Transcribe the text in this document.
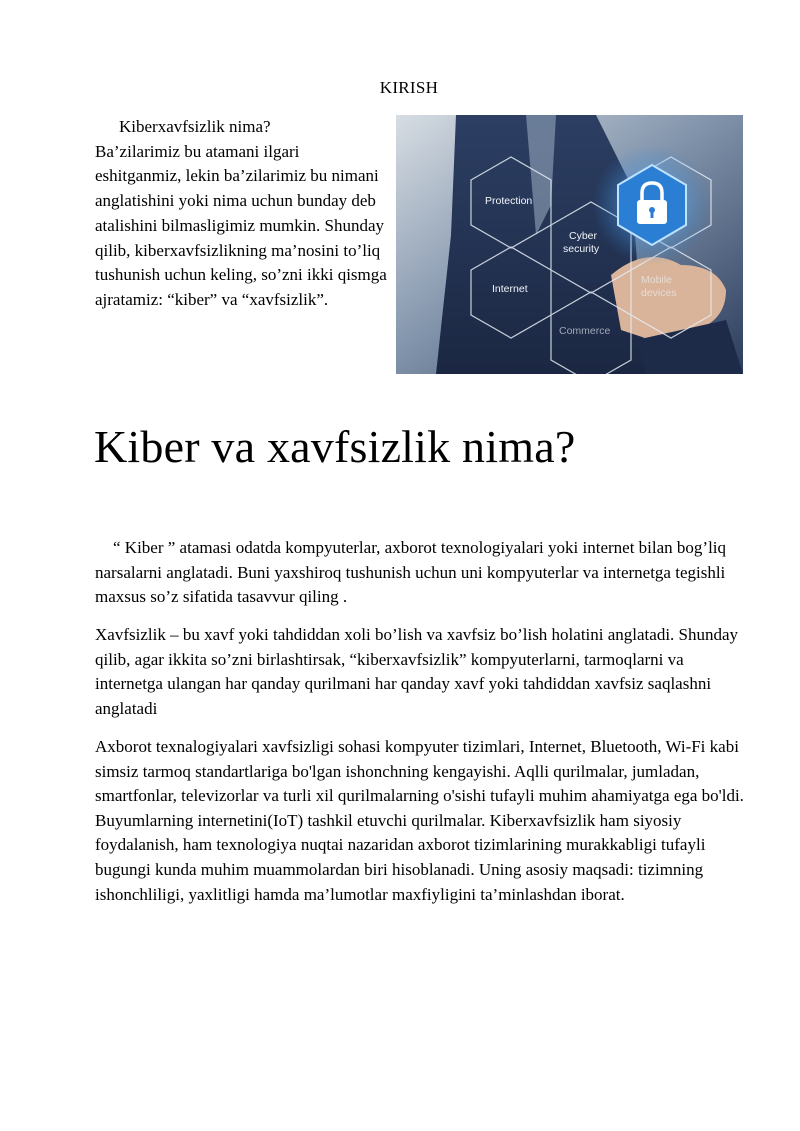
KIRISH
Kiberxavfsizlik nima?
Ba’zilarimiz bu atamani ilgari eshitganmiz, lekin ba’zilarimiz bu nimani anglatishini yoki nima uchun bunday deb atalishini bilmasligimiz mumkin. Shunday qilib, kiberxavfsizlikning ma’nosini to’liq tushunish uchun keling, so’zni ikki qismga ajratamiz: “kiber” va “xavfsizlik”.
Protection
Cyber
security
Internet
Commerce
Mobile
devices
Kiber va xavfsizlik nima?
“ Kiber ” atamasi odatda kompyuterlar, axborot texnologiyalari yoki internet bilan bog’liq narsalarni anglatadi. Buni yaxshiroq tushunish uchun uni kompyuterlar va internetga tegishli maxsus so’z sifatida tasavvur qiling .
Xavfsizlik – bu xavf yoki tahdiddan xoli bo’lish va xavfsiz bo’lish holatini anglatadi. Shunday qilib, agar ikkita so’zni birlashtirsak, “kiberxavfsizlik” kompyuterlarni, tarmoqlarni va internetga ulangan har qanday qurilmani har qanday xavf yoki tahdiddan xavfsiz saqlashni anglatadi
Axborot texnalogiyalari xavfsizligi sohasi kompyuter tizimlari, Internet, Bluetooth, Wi-Fi kabi simsiz tarmoq standartlariga bo'lgan ishonchning kengayishi. Aqlli qurilmalar, jumladan, smartfonlar, televizorlar va turli xil qurilmalarning o'sishi tufayli muhim ahamiyatga ega bo'ldi. Buyumlarning internetini(IoT) tashkil etuvchi qurilmalar. Kiberxavfsizlik ham siyosiy foydalanish, ham texnologiya nuqtai nazaridan axborot tizimlarining murakkabligi tufayli bugungi kunda muhim muammolardan biri hisoblanadi. Uning asosiy maqsadi: tizimning ishonchliligi, yaxlitligi hamda ma’lumotlar maxfiyligini ta’minlashdan iborat.
